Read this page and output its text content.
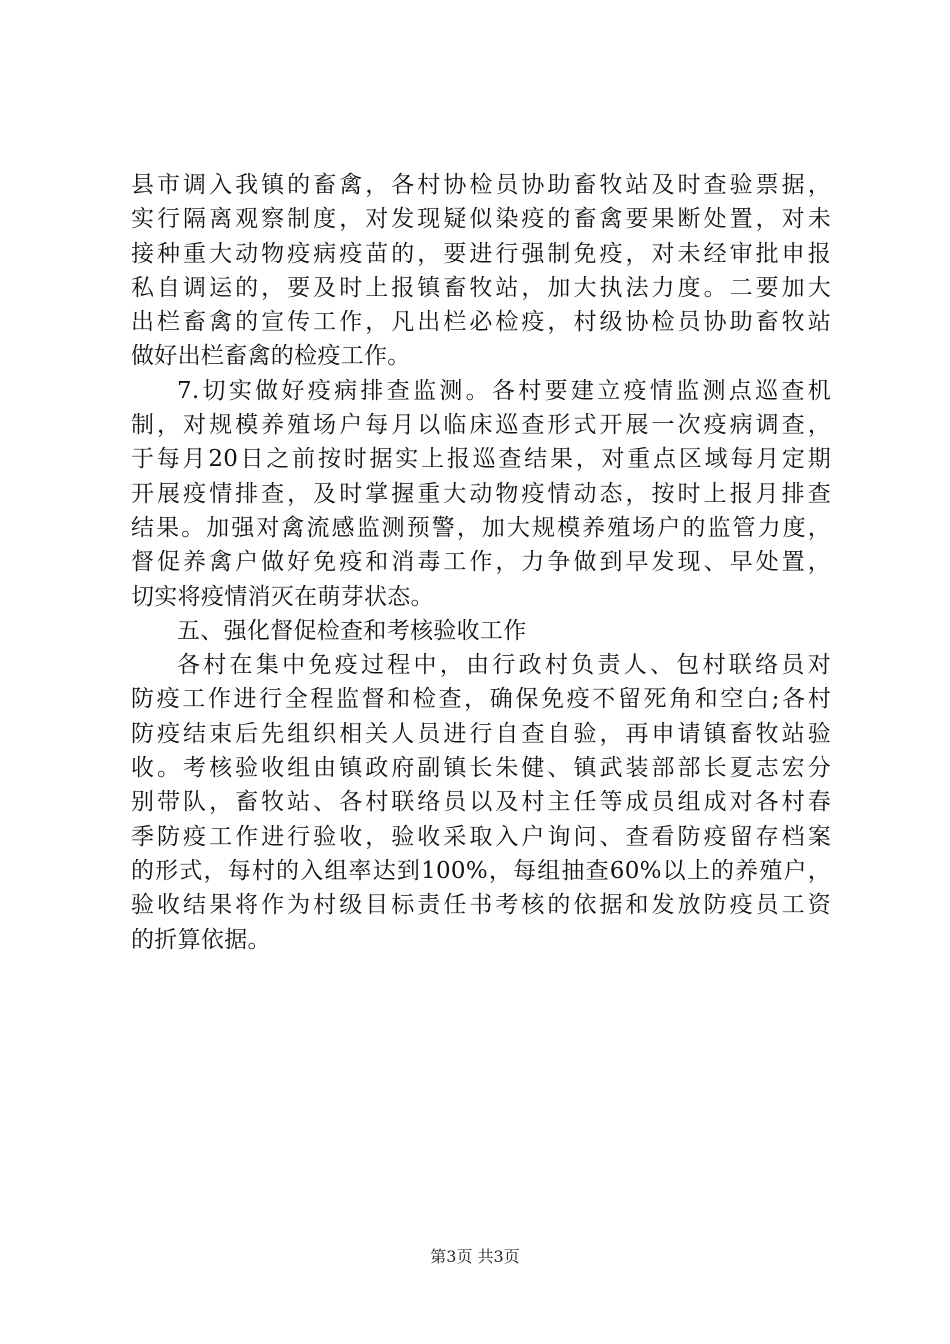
县市调入我镇的畜禽，各村协检员协助畜牧站及时查验票据，
实行隔离观察制度，对发现疑似染疫的畜禽要果断处置，对未
接种重大动物疫病疫苗的，要进行强制免疫，对未经审批申报
私自调运的，要及时上报镇畜牧站，加大执法力度。二要加大
出栏畜禽的宣传工作，凡出栏必检疫，村级协检员协助畜牧站
做好出栏畜禽的检疫工作。
7.切实做好疫病排查监测。各村要建立疫情监测点巡查机
制，对规模养殖场户每月以临床巡查形式开展一次疫病调查，
于每月20日之前按时据实上报巡查结果，对重点区域每月定期
开展疫情排查，及时掌握重大动物疫情动态，按时上报月排查
结果。加强对禽流感监测预警，加大规模养殖场户的监管力度，
督促养禽户做好免疫和消毒工作，力争做到早发现、早处置，
切实将疫情消灭在萌芽状态。
五、强化督促检查和考核验收工作
各村在集中免疫过程中，由行政村负责人、包村联络员对
防疫工作进行全程监督和检查，确保免疫不留死角和空白;各村
防疫结束后先组织相关人员进行自查自验，再申请镇畜牧站验
收。考核验收组由镇政府副镇长朱健、镇武装部部长夏志宏分
别带队，畜牧站、各村联络员以及村主任等成员组成对各村春
季防疫工作进行验收，验收采取入户询问、查看防疫留存档案
的形式，每村的入组率达到100%，每组抽查60%以上的养殖户，
验收结果将作为村级目标责任书考核的依据和发放防疫员工资
的折算依据。
第3页 共3页
